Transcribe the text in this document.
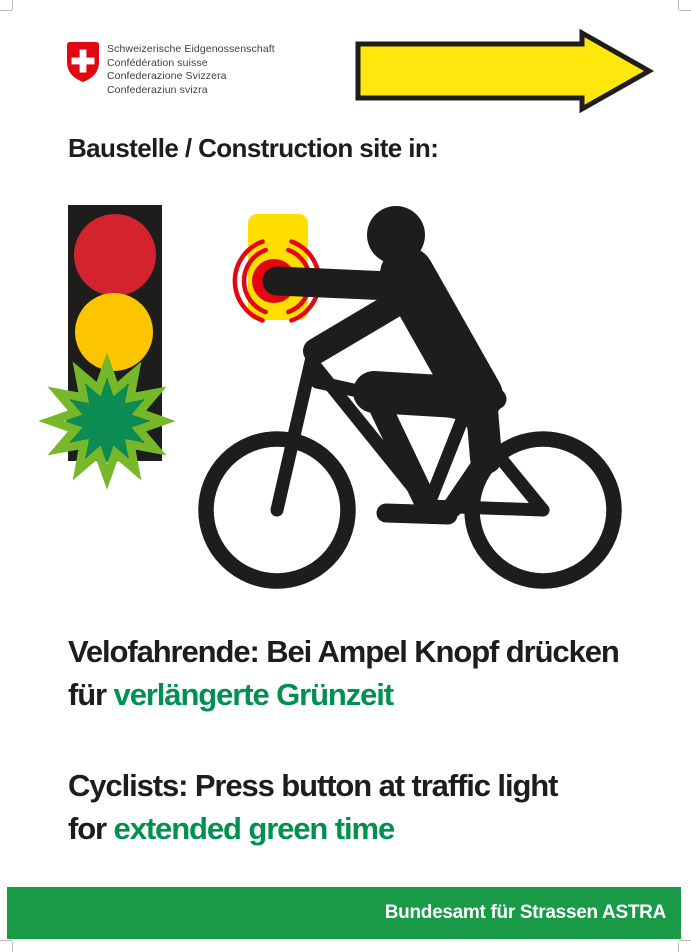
Schweizerische Eidgenossenschaft
Confédération suisse
Confederazione Svizzera
Confederaziun svizra
Baustelle / Construction site in:
Velofahrende: Bei Ampel Knopf drücken
für verlängerte Grünzeit
Cyclists: Press button at traffic light
for extended green time
Bundesamt für Strassen ASTRA
